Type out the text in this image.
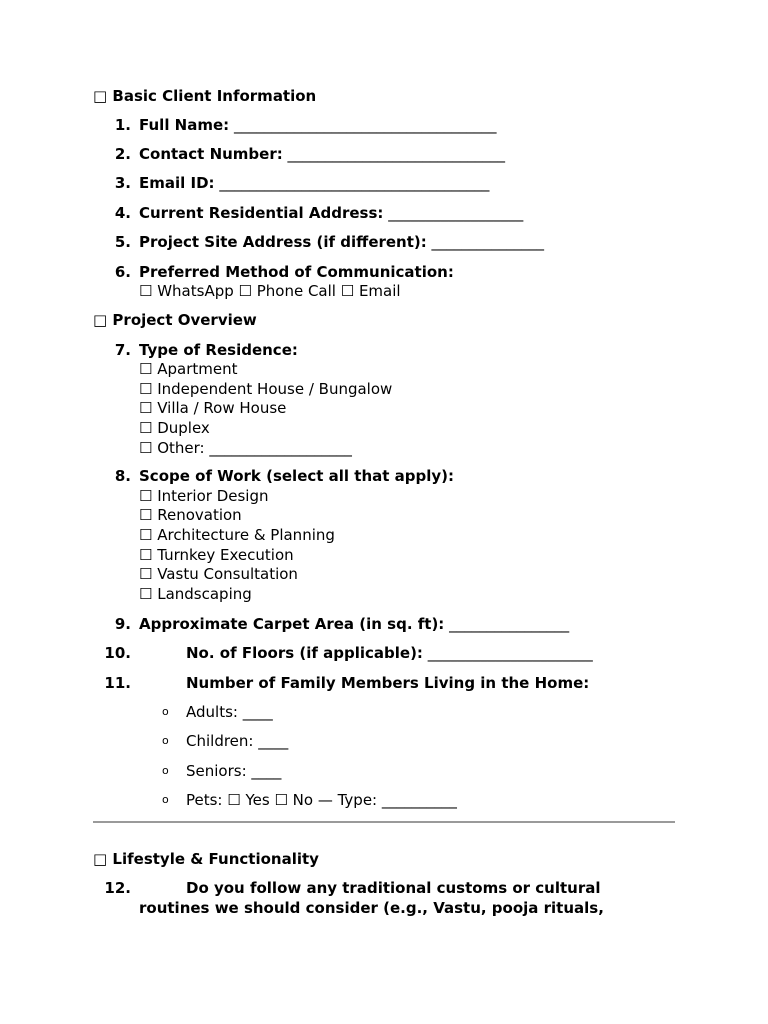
□ Basic Client Information
1. Full Name: ___________________________________
2. Contact Number: _____________________________
3. Email ID: ____________________________________
4. Current Residential Address: __________________
5. Project Site Address (if different): _______________
6. Preferred Method of Communication:
☐ WhatsApp ☐ Phone Call ☐ Email
□ Project Overview
7. Type of Residence:
☐ Apartment
☐ Independent House / Bungalow
☐ Villa / Row House
☐ Duplex
☐ Other: ___________________
8. Scope of Work (select all that apply):
☐ Interior Design
☐ Renovation
☐ Architecture & Planning
☐ Turnkey Execution
☐ Vastu Consultation
☐ Landscaping
9. Approximate Carpet Area (in sq. ft): ________________
10.	No. of Floors (if applicable): ______________________
11.	Number of Family Members Living in the Home:
o Adults: ____
o Children: ____
o Seniors: ____
o Pets: ☐ Yes ☐ No — Type: __________
□ Lifestyle & Functionality
12.	Do you follow any traditional customs or cultural
routines we should consider (e.g., Vastu, pooja rituals,
